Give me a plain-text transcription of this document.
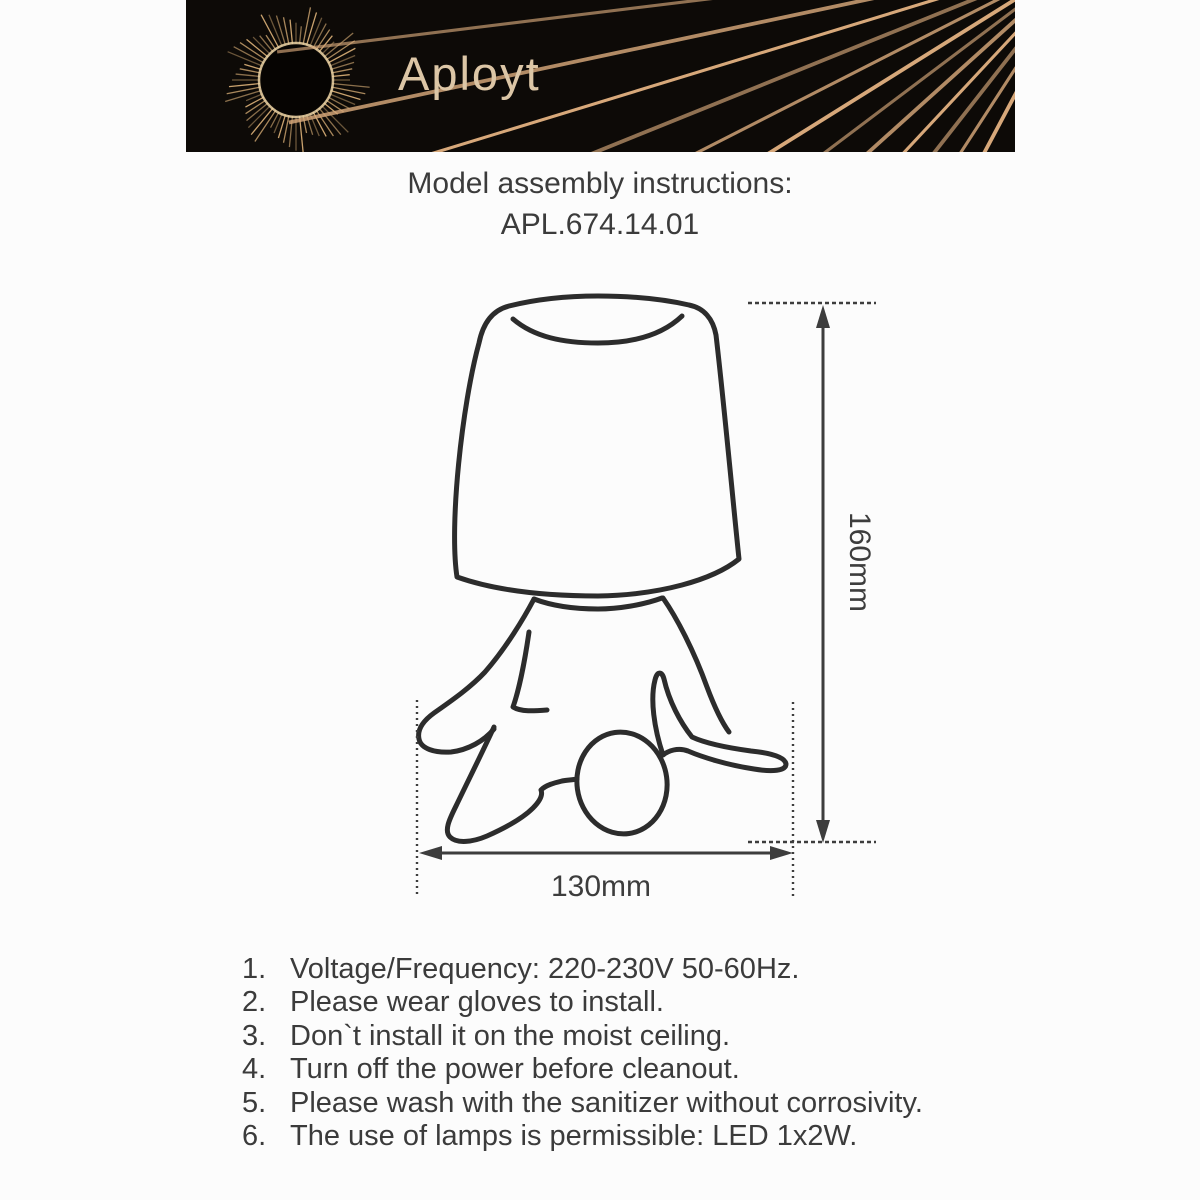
Aployt
Model assembly instructions:
APL.674.14.01
160mm
130mm
1. Voltage/Frequency: 220-230V 50-60Hz.
2. Please wear gloves to install.
3. Don`t install it on the moist ceiling.
4. Turn off the power before cleanout.
5. Please wash with the sanitizer without corrosivity.
6. The use of lamps is permissible: LED 1x2W.
